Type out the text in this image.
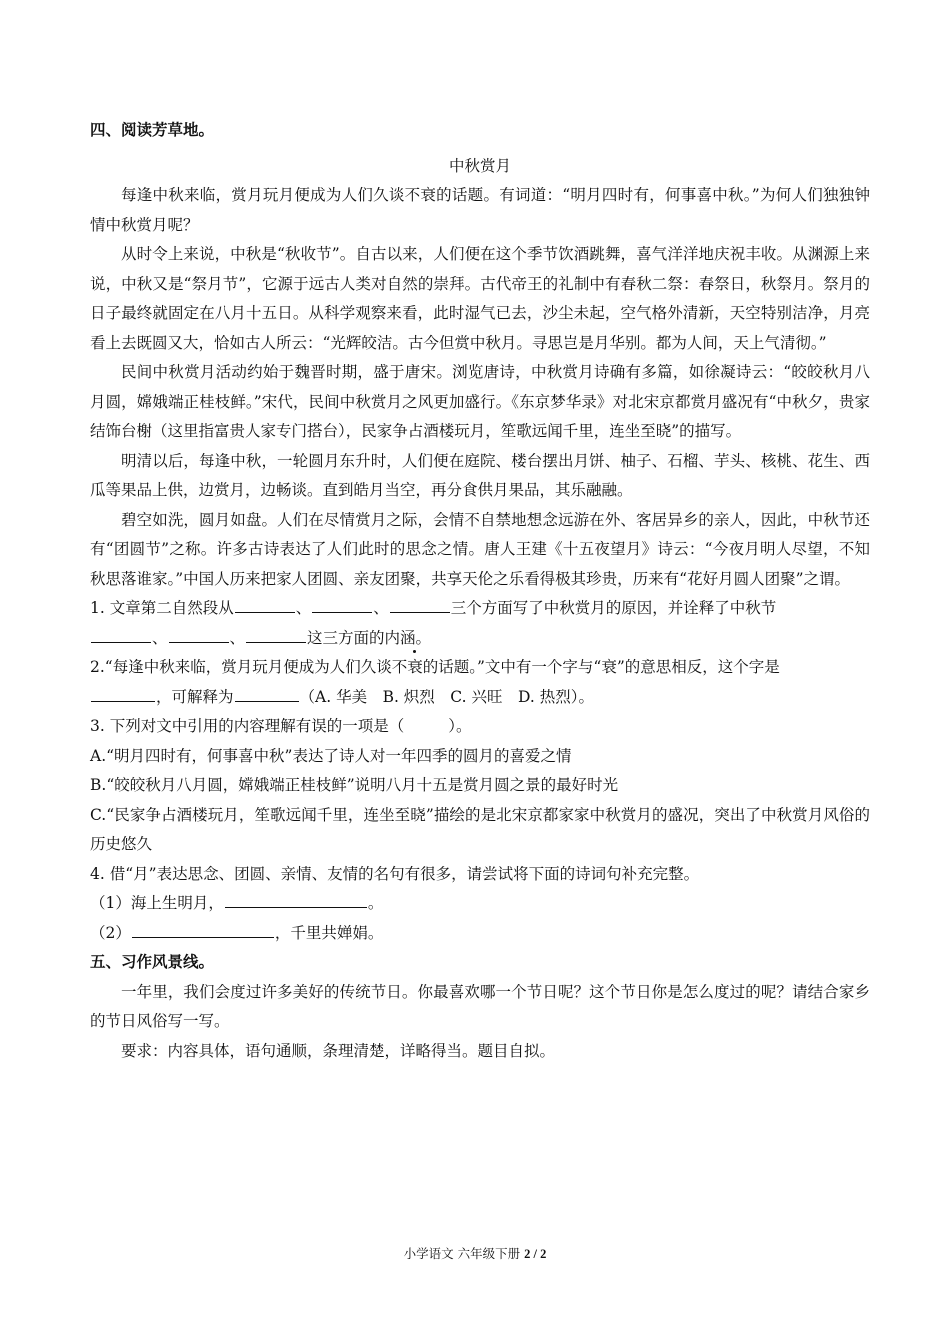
四、阅读芳草地。

中秋赏月

每逢中秋来临，赏月玩月便成为人们久谈不衰的话题。有词道：“明月四时有，何事喜中秋。”为何人们独独钟情中秋赏月呢？

从时令上来说，中秋是“秋收节”。自古以来，人们便在这个季节饮酒跳舞，喜气洋洋地庆祝丰收。从渊源上来说，中秋又是“祭月节”，它源于远古人类对自然的崇拜。古代帝王的礼制中有春秋二祭：春祭日，秋祭月。祭月的日子最终就固定在八月十五日。从科学观察来看，此时湿气已去，沙尘未起，空气格外清新，天空特别洁净，月亮看上去既圆又大，恰如古人所云：“光辉皎洁。古今但赏中秋月。寻思岂是月华别。都为人间，天上气清彻。”

民间中秋赏月活动约始于魏晋时期，盛于唐宋。浏览唐诗，中秋赏月诗确有多篇，如徐凝诗云：“皎皎秋月八月圆，嫦娥端正桂枝鲜。”宋代，民间中秋赏月之风更加盛行。《东京梦华录》对北宋京都赏月盛况有“中秋夕，贵家结饰台榭（这里指富贵人家专门搭台），民家争占酒楼玩月，笙歌远闻千里，连坐至晓”的描写。

明清以后，每逢中秋，一轮圆月东升时，人们便在庭院、楼台摆出月饼、柚子、石榴、芋头、核桃、花生、西瓜等果品上供，边赏月，边畅谈。直到皓月当空，再分食供月果品，其乐融融。

碧空如洗，圆月如盘。人们在尽情赏月之际，会情不自禁地想念远游在外、客居异乡的亲人，因此，中秋节还有“团圆节”之称。许多古诗表达了人们此时的思念之情。唐人王建《十五夜望月》诗云：“今夜月明人尽望，不知秋思落谁家。”中国人历来把家人团圆、亲友团聚，共享天伦之乐看得极其珍贵，历来有“花好月圆人团聚”之谓。

1. 文章第二自然段从	、	、	三个方面写了中秋赏月的原因，并诠释了中秋节
、	、	这三方面的内涵。

2.“每逢中秋来临，赏月玩月便成为人们久谈不衰的话题。”文中有一个字与“衰”的意思相反，这个字是
，可解释为	（A. 华美　B. 炽烈　C. 兴旺　D. 热烈）。

3. 下列对文中引用的内容理解有误的一项是（	）。

A.“明月四时有，何事喜中秋”表达了诗人对一年四季的圆月的喜爱之情

B.“皎皎秋月八月圆，嫦娥端正桂枝鲜”说明八月十五是赏月圆之景的最好时光

C.“民家争占酒楼玩月，笙歌远闻千里，连坐至晓”描绘的是北宋京都家家中秋赏月的盛况，突出了中秋赏月风俗的历史悠久

4. 借“月”表达思念、团圆、亲情、友情的名句有很多，请尝试将下面的诗词句补充完整。

（1）海上生明月，	。

（2）	，千里共婵娟。

五、习作风景线。

一年里，我们会度过许多美好的传统节日。你最喜欢哪一个节日呢？这个节日你是怎么度过的呢？请结合家乡的节日风俗写一写。

要求：内容具体，语句通顺，条理清楚，详略得当。题目自拟。

小学语文 六年级下册 2 / 2
